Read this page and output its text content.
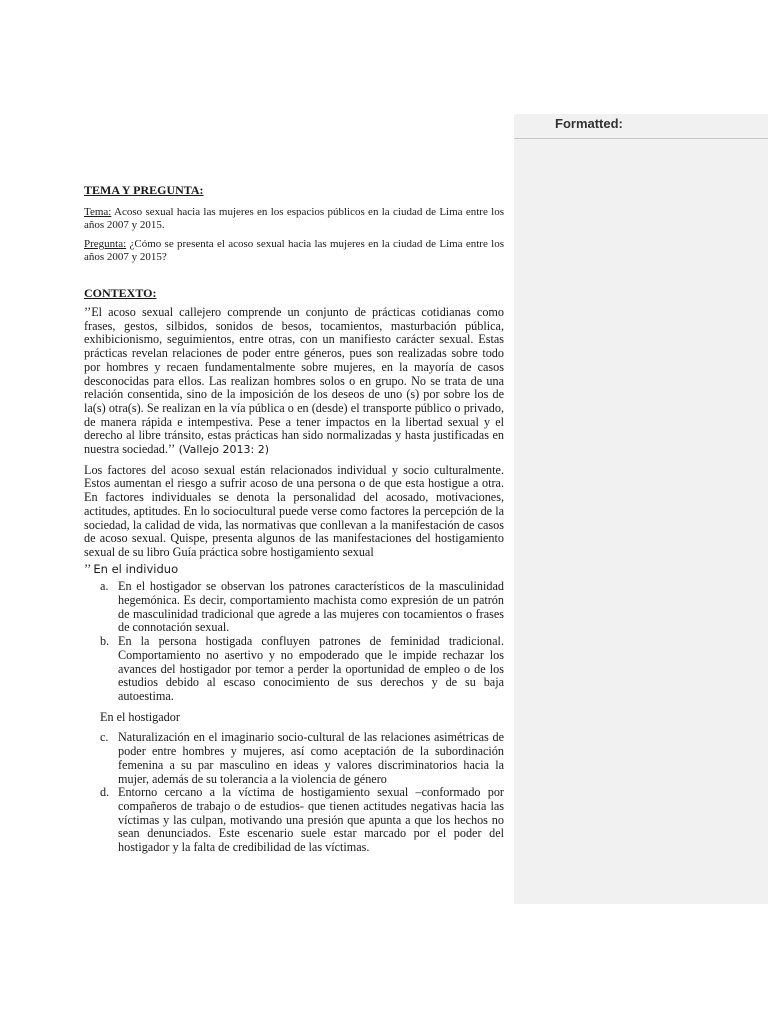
TEMA Y PREGUNTA:

Tema: Acoso sexual hacia las mujeres en los espacios públicos en la ciudad de Lima entre los años 2007 y 2015.

Pregunta: ¿Cómo se presenta el acoso sexual hacia las mujeres en la ciudad de Lima entre los años 2007 y 2015?

CONTEXTO:

’’El acoso sexual callejero comprende un conjunto de prácticas cotidianas como frases, gestos, silbidos, sonidos de besos, tocamientos, masturbación pública, exhibicionismo, seguimientos, entre otras, con un manifiesto carácter sexual. Estas prácticas revelan relaciones de poder entre géneros, pues son realizadas sobre todo por hombres y recaen fundamentalmente sobre mujeres, en la mayoría de casos desconocidas para ellos. Las realizan hombres solos o en grupo. No se trata de una relación consentida, sino de la imposición de los deseos de uno (s) por sobre los de la(s) otra(s). Se realizan en la vía pública o en (desde) el transporte público o privado, de manera rápida e intempestiva. Pese a tener impactos en la libertad sexual y el derecho al libre tránsito, estas prácticas han sido normalizadas y hasta justificadas en nuestra sociedad.’’ (Vallejo 2013: 2)

Los factores del acoso sexual están relacionados individual y socio culturalmente. Estos aumentan el riesgo a sufrir acoso de una persona o de que esta hostigue a otra. En factores individuales se denota la personalidad del acosado, motivaciones, actitudes, aptitudes. En lo sociocultural puede verse como factores la percepción de la sociedad, la calidad de vida, las normativas que conllevan a la manifestación de casos de acoso sexual. Quispe, presenta algunos de las manifestaciones del hostigamiento sexual de su libro Guía práctica sobre hostigamiento sexual

’’ En el individuo
a. En el hostigador se observan los patrones característicos de la masculinidad hegemónica. Es decir, comportamiento machista como expresión de un patrón de masculinidad tradicional que agrede a las mujeres con tocamientos o frases de connotación sexual.
b. En la persona hostigada confluyen patrones de feminidad tradicional. Comportamiento no asertivo y no empoderado que le impide rechazar los avances del hostigador por temor a perder la oportunidad de empleo o de los estudios debido al escaso conocimiento de sus derechos y de su baja autoestima.
En el hostigador
c. Naturalización en el imaginario socio-cultural de las relaciones asimétricas de poder entre hombres y mujeres, así como aceptación de la subordinación femenina a su par masculino en ideas y valores discriminatorios hacia la mujer, además de su tolerancia a la violencia de género
d. Entorno cercano a la víctima de hostigamiento sexual –conformado por compañeros de trabajo o de estudios- que tienen actitudes negativas hacia las víctimas y las culpan, motivando una presión que apunta a que los hechos no sean denunciados. Este escenario suele estar marcado por el poder del hostigador y la falta de credibilidad de las víctimas.
Formatted:
